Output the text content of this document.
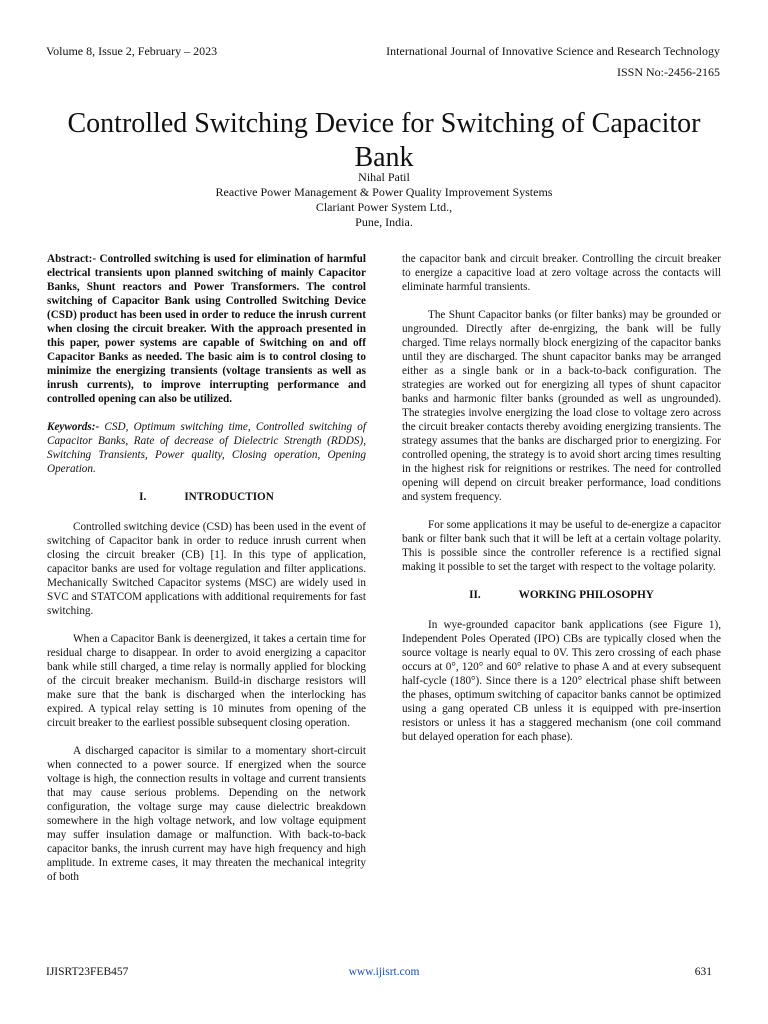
Volume 8, Issue 2, February – 2023	International Journal of Innovative Science and Research Technology
ISSN No:-2456-2165
Controlled Switching Device for Switching of Capacitor Bank
Nihal Patil
Reactive Power Management & Power Quality Improvement Systems
Clariant Power System Ltd.,
Pune, India.

Abstract:- Controlled switching is used for elimination of harmful electrical transients upon planned switching of mainly Capacitor Banks, Shunt reactors and Power Transformers. The control switching of Capacitor Bank using Controlled Switching Device (CSD) product has been used in order to reduce the inrush current when closing the circuit breaker. With the approach presented in this paper, power systems are capable of Switching on and off Capacitor Banks as needed. The basic aim is to control closing to minimize the energizing transients (voltage transients as well as inrush currents), to improve interrupting performance and controlled opening can also be utilized.

Keywords:- CSD, Optimum switching time, Controlled switching of Capacitor Banks, Rate of decrease of Dielectric Strength (RDDS), Switching Transients, Power quality, Closing operation, Opening Operation.

I.	INTRODUCTION

Controlled switching device (CSD) has been used in the event of switching of Capacitor bank in order to reduce inrush current when closing the circuit breaker (CB) [1]. In this type of application, capacitor banks are used for voltage regulation and filter applications. Mechanically Switched Capacitor systems (MSC) are widely used in SVC and STATCOM applications with additional requirements for fast switching.

When a Capacitor Bank is deenergized, it takes a certain time for residual charge to disappear. In order to avoid energizing a capacitor bank while still charged, a time relay is normally applied for blocking of the circuit breaker mechanism. Build-in discharge resistors will make sure that the bank is discharged when the interlocking has expired. A typical relay setting is 10 minutes from opening of the circuit breaker to the earliest possible subsequent closing operation.

A discharged capacitor is similar to a momentary short-circuit when connected to a power source. If energized when the source voltage is high, the connection results in voltage and current transients that may cause serious problems. Depending on the network configuration, the voltage surge may cause dielectric breakdown somewhere in the high voltage network, and low voltage equipment may suffer insulation damage or malfunction. With back-to-back capacitor banks, the inrush current may have high frequency and high amplitude. In extreme cases, it may threaten the mechanical integrity of both

the capacitor bank and circuit breaker. Controlling the circuit breaker to energize a capacitive load at zero voltage across the contacts will eliminate harmful transients.

The Shunt Capacitor banks (or filter banks) may be grounded or ungrounded. Directly after de-enrgizing, the bank will be fully charged. Time relays normally block energizing of the capacitor banks until they are discharged. The shunt capacitor banks may be arranged either as a single bank or in a back-to-back configuration. The strategies are worked out for energizing all types of shunt capacitor banks and harmonic filter banks (grounded as well as ungrounded). The strategies involve energizing the load close to voltage zero across the circuit breaker contacts thereby avoiding energizing transients. The strategy assumes that the banks are discharged prior to energizing. For controlled opening, the strategy is to avoid short arcing times resulting in the highest risk for reignitions or restrikes. The need for controlled opening will depend on circuit breaker performance, load conditions and system frequency.

For some applications it may be useful to de-energize a capacitor bank or filter bank such that it will be left at a certain voltage polarity. This is possible since the controller reference is a rectified signal making it possible to set the target with respect to the voltage polarity.

II.	WORKING PHILOSOPHY

In wye-grounded capacitor bank applications (see Figure 1), Independent Poles Operated (IPO) CBs are typically closed when the source voltage is nearly equal to 0V. This zero crossing of each phase occurs at 0°, 120° and 60° relative to phase A and at every subsequent half-cycle (180°). Since there is a 120° electrical phase shift between the phases, optimum switching of capacitor banks cannot be optimized using a gang operated CB unless it is equipped with pre-insertion resistors or unless it has a staggered mechanism (one coil command but delayed operation for each phase).

IJISRT23FEB457	www.ijisrt.com	631
